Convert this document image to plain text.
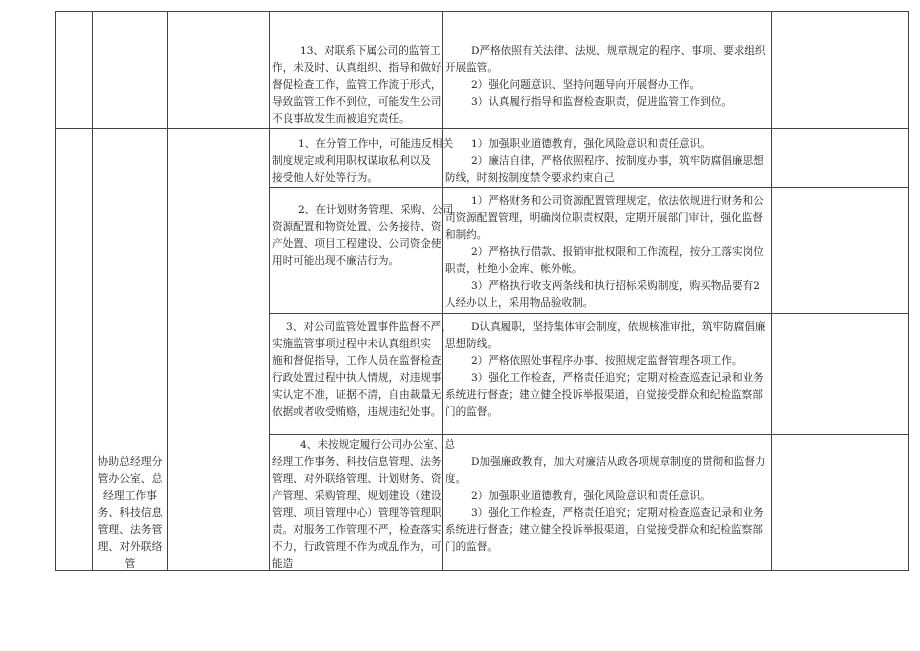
协助总经理分
管办公室、总
经理工作事
务、科技信息
管理、法务管
理、对外联络
管
13、对联系下属公司的监管工
作，未及时、认真组织、指导和做好
督促检查工作，监管工作流于形式，
导致监管工作不到位，可能发生公司
不良事故发生而被追究责任。
D严格依照有关法律、法规、规章规定的程序、事项、要求组织
开展监管。
2）强化问题意识、坚持问题导向开展督办工作。
3）认真履行指导和监督检查职责，促进监管工作到位。
1、在分管工作中，可能违反相关
制度规定或利用职权谋取私利以及
接受他人好处等行为。
1）加强职业道德教育，强化风险意识和责任意识。
2）廉洁自律，严格依照程序、按制度办事，筑牢防腐倡廉思想
防线，时刻按制度禁令要求约束自己
2、在计划财务管理、采购、公司
资源配置和物资处置、公务接待、资
产处置、项目工程建设、公司资金使
用时可能出现不廉洁行为。
1）严格财务和公司资源配置管理规定，依法依规进行财务和公
司资源配置管理，明确岗位职责权限，定期开展部门审计，强化监督
和制约。
2）严格执行借款、报销审批权限和工作流程，按分工落实岗位
职责，杜绝小金库、帐外帐。
3）严格执行收支两条线和执行招标采购制度，购买物品要有2
人经办以上，采用物品验收制。
3、对公司监管处置事件监督不严，
实施监管事项过程中未认真组织实
施和督促指导，工作人员在监督检查
行政处置过程中执人情规，对违规事
实认定不准，证据不清，自由裁量无
依据或者收受贿赂，违规违纪处事。
D认真履职，坚持集体审会制度，依规核准审批，筑牢防腐倡廉
思想防线。
2）严格依照处事程序办事、按照规定监督管理各项工作。
3）强化工作检查，严格责任追究；定期对检查巡查记录和业务
系统进行督查；建立健全投诉举报渠道，自觉接受群众和纪检监察部
门的监督。
4、未按规定履行公司办公室、总
经理工作事务、科技信息管理、法务
管理、对外联络管理、计划财务、资
产管理、采购管理、规划建设（建设
管理、项目管理中心）管理等管理职
责。对服务工作管理不严，检查落实
不力，行政管理不作为或乱作为，可
能造
D加强廉政教育，加大对廉洁从政各项规章制度的贯彻和监督力
度。
2）加强职业道德教育，强化风险意识和责任意识。
3）强化工作检查，严格责任追究；定期对检查巡查记录和业务
系统进行督查；建立健全投诉举报渠道，自觉接受群众和纪检监察部
门的监督。
